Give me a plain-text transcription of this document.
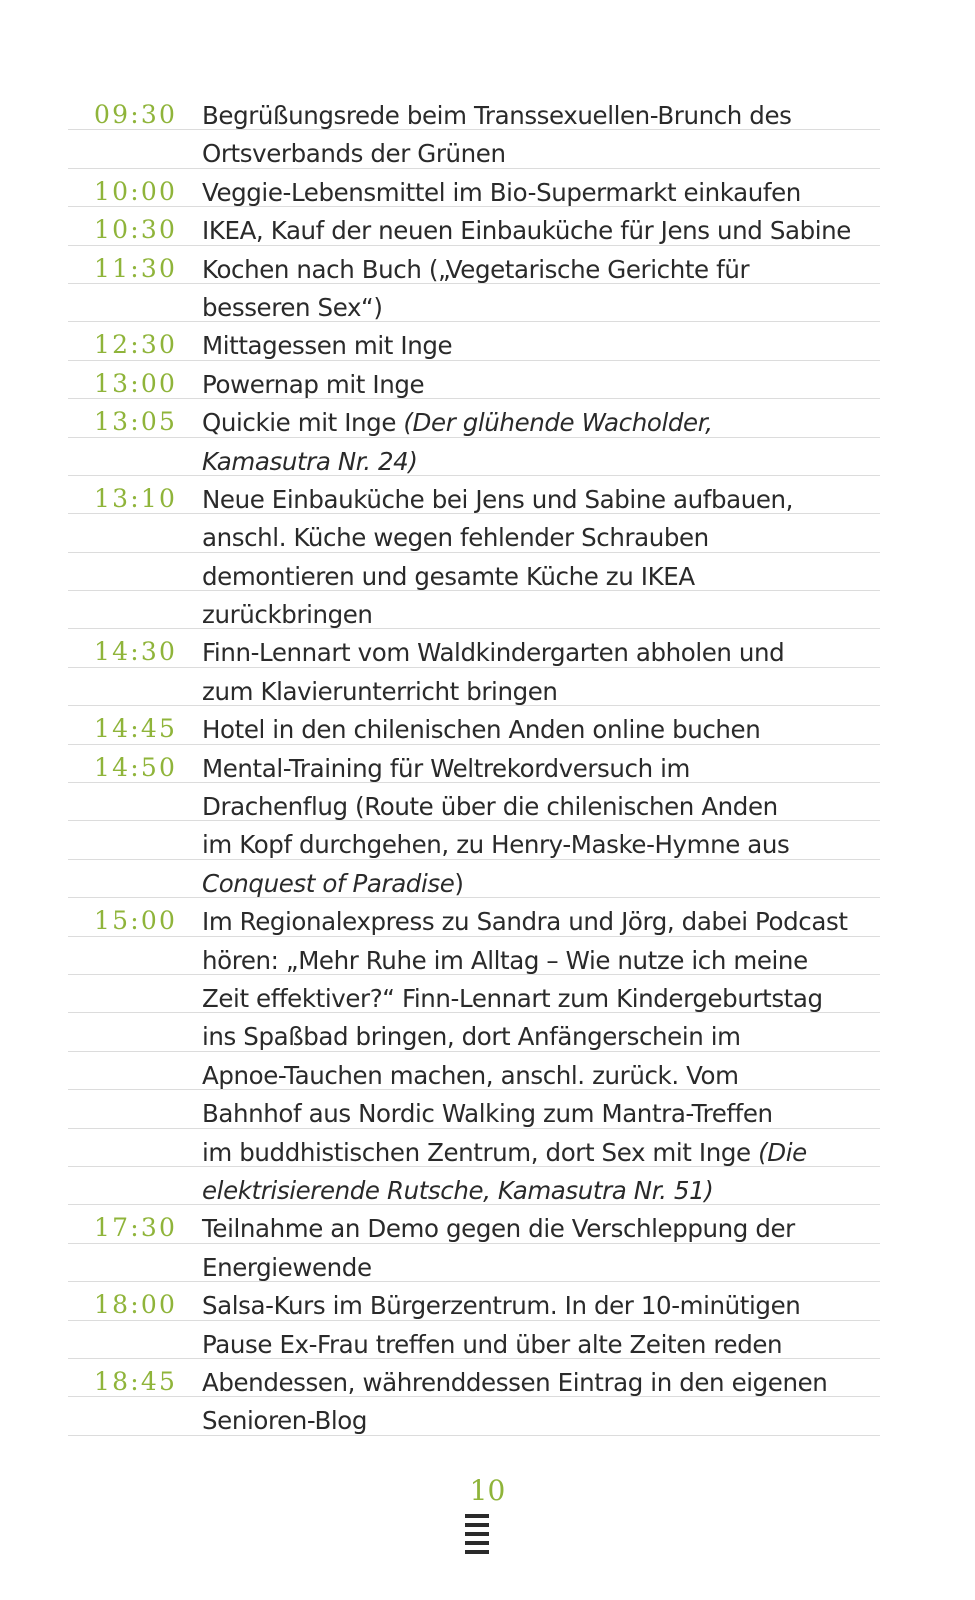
09:30 Begrüßungsrede beim Transsexuellen-Brunch des
Ortsverbands der Grünen
10:00 Veggie-Lebensmittel im Bio-Supermarkt einkaufen
10:30 IKEA, Kauf der neuen Einbauküche für Jens und Sabine
11:30 Kochen nach Buch („Vegetarische Gerichte für
besseren Sex“)
12:30 Mittagessen mit Inge
13:00 Powernap mit Inge
13:05 Quickie mit Inge (Der glühende Wacholder,
Kamasutra Nr. 24)
13:10 Neue Einbauküche bei Jens und Sabine aufbauen,
anschl. Küche wegen fehlender Schrauben
demontieren und gesamte Küche zu IKEA
zurückbringen
14:30 Finn-Lennart vom Waldkindergarten abholen und
zum Klavierunterricht bringen
14:45 Hotel in den chilenischen Anden online buchen
14:50 Mental-Training für Weltrekordversuch im
Drachenflug (Route über die chilenischen Anden
im Kopf durchgehen, zu Henry-Maske-Hymne aus
Conquest of Paradise)
15:00 Im Regionalexpress zu Sandra und Jörg, dabei Podcast
hören: „Mehr Ruhe im Alltag – Wie nutze ich meine
Zeit effektiver?“ Finn-Lennart zum Kindergeburtstag
ins Spaßbad bringen, dort Anfängerschein im
Apnoe-Tauchen machen, anschl. zurück. Vom
Bahnhof aus Nordic Walking zum Mantra-Treffen
im buddhistischen Zentrum, dort Sex mit Inge (Die
elektrisierende Rutsche, Kamasutra Nr. 51)
17:30 Teilnahme an Demo gegen die Verschleppung der
Energiewende
18:00 Salsa-Kurs im Bürgerzentrum. In der 10-minütigen
Pause Ex-Frau treffen und über alte Zeiten reden
18:45 Abendessen, währenddessen Eintrag in den eigenen
Senioren-Blog
10
